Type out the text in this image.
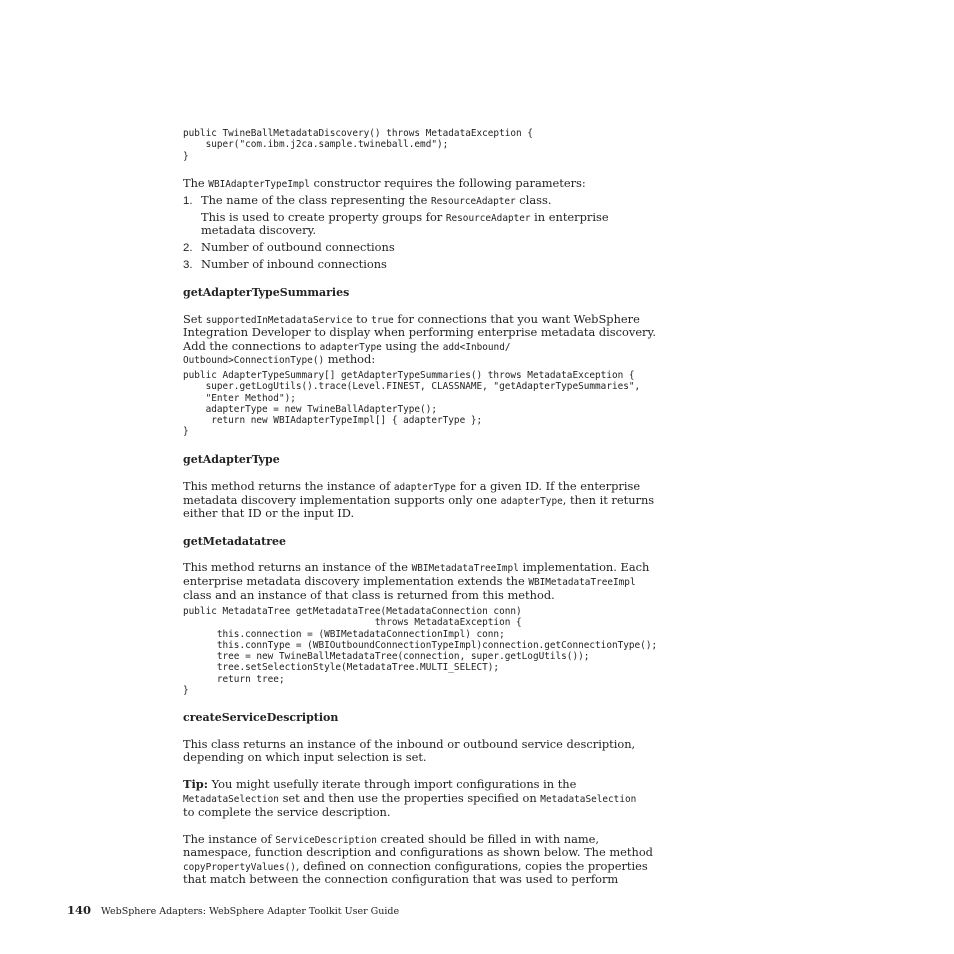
public TwineBallMetadataDiscovery() throws MetadataException {
super("com.ibm.j2ca.sample.twineball.emd");
}
The WBIAdapterTypeImpl constructor requires the following parameters:
1. The name of the class representing the ResourceAdapter class.
This is used to create property groups for ResourceAdapter in enterprise
metadata discovery.
2. Number of outbound connections
3. Number of inbound connections
getAdapterTypeSummaries
Set supportedInMetadataService to true for connections that you want WebSphere
Integration Developer to display when performing enterprise metadata discovery.
Add the connections to adapterType using the add<Inbound/
Outbound>ConnectionType() method:
public AdapterTypeSummary[] getAdapterTypeSummaries() throws MetadataException {
super.getLogUtils().trace(Level.FINEST, CLASSNAME, "getAdapterTypeSummaries",
"Enter Method");
adapterType = new TwineBallAdapterType();
return new WBIAdapterTypeImpl[] { adapterType };
}
getAdapterType
This method returns the instance of adapterType for a given ID. If the enterprise
metadata discovery implementation supports only one adapterType, then it returns
either that ID or the input ID.
getMetadatatree
This method returns an instance of the WBIMetadataTreeImpl implementation. Each
enterprise metadata discovery implementation extends the WBIMetadataTreeImpl
class and an instance of that class is returned from this method.
public MetadataTree getMetadataTree(MetadataConnection conn)
throws MetadataException {
this.connection = (WBIMetadataConnectionImpl) conn;
this.connType = (WBIOutboundConnectionTypeImpl)connection.getConnectionType();
tree = new TwineBallMetadataTree(connection, super.getLogUtils());
tree.setSelectionStyle(MetadataTree.MULTI_SELECT);
return tree;
}
createServiceDescription
This class returns an instance of the inbound or outbound service description,
depending on which input selection is set.
Tip: You might usefully iterate through import configurations in the
MetadataSelection set and then use the properties specified on MetadataSelection
to complete the service description.
The instance of ServiceDescription created should be filled in with name,
namespace, function description and configurations as shown below. The method
copyPropertyValues(), defined on connection configurations, copies the properties
that match between the connection configuration that was used to perform
140 WebSphere Adapters: WebSphere Adapter Toolkit User Guide
